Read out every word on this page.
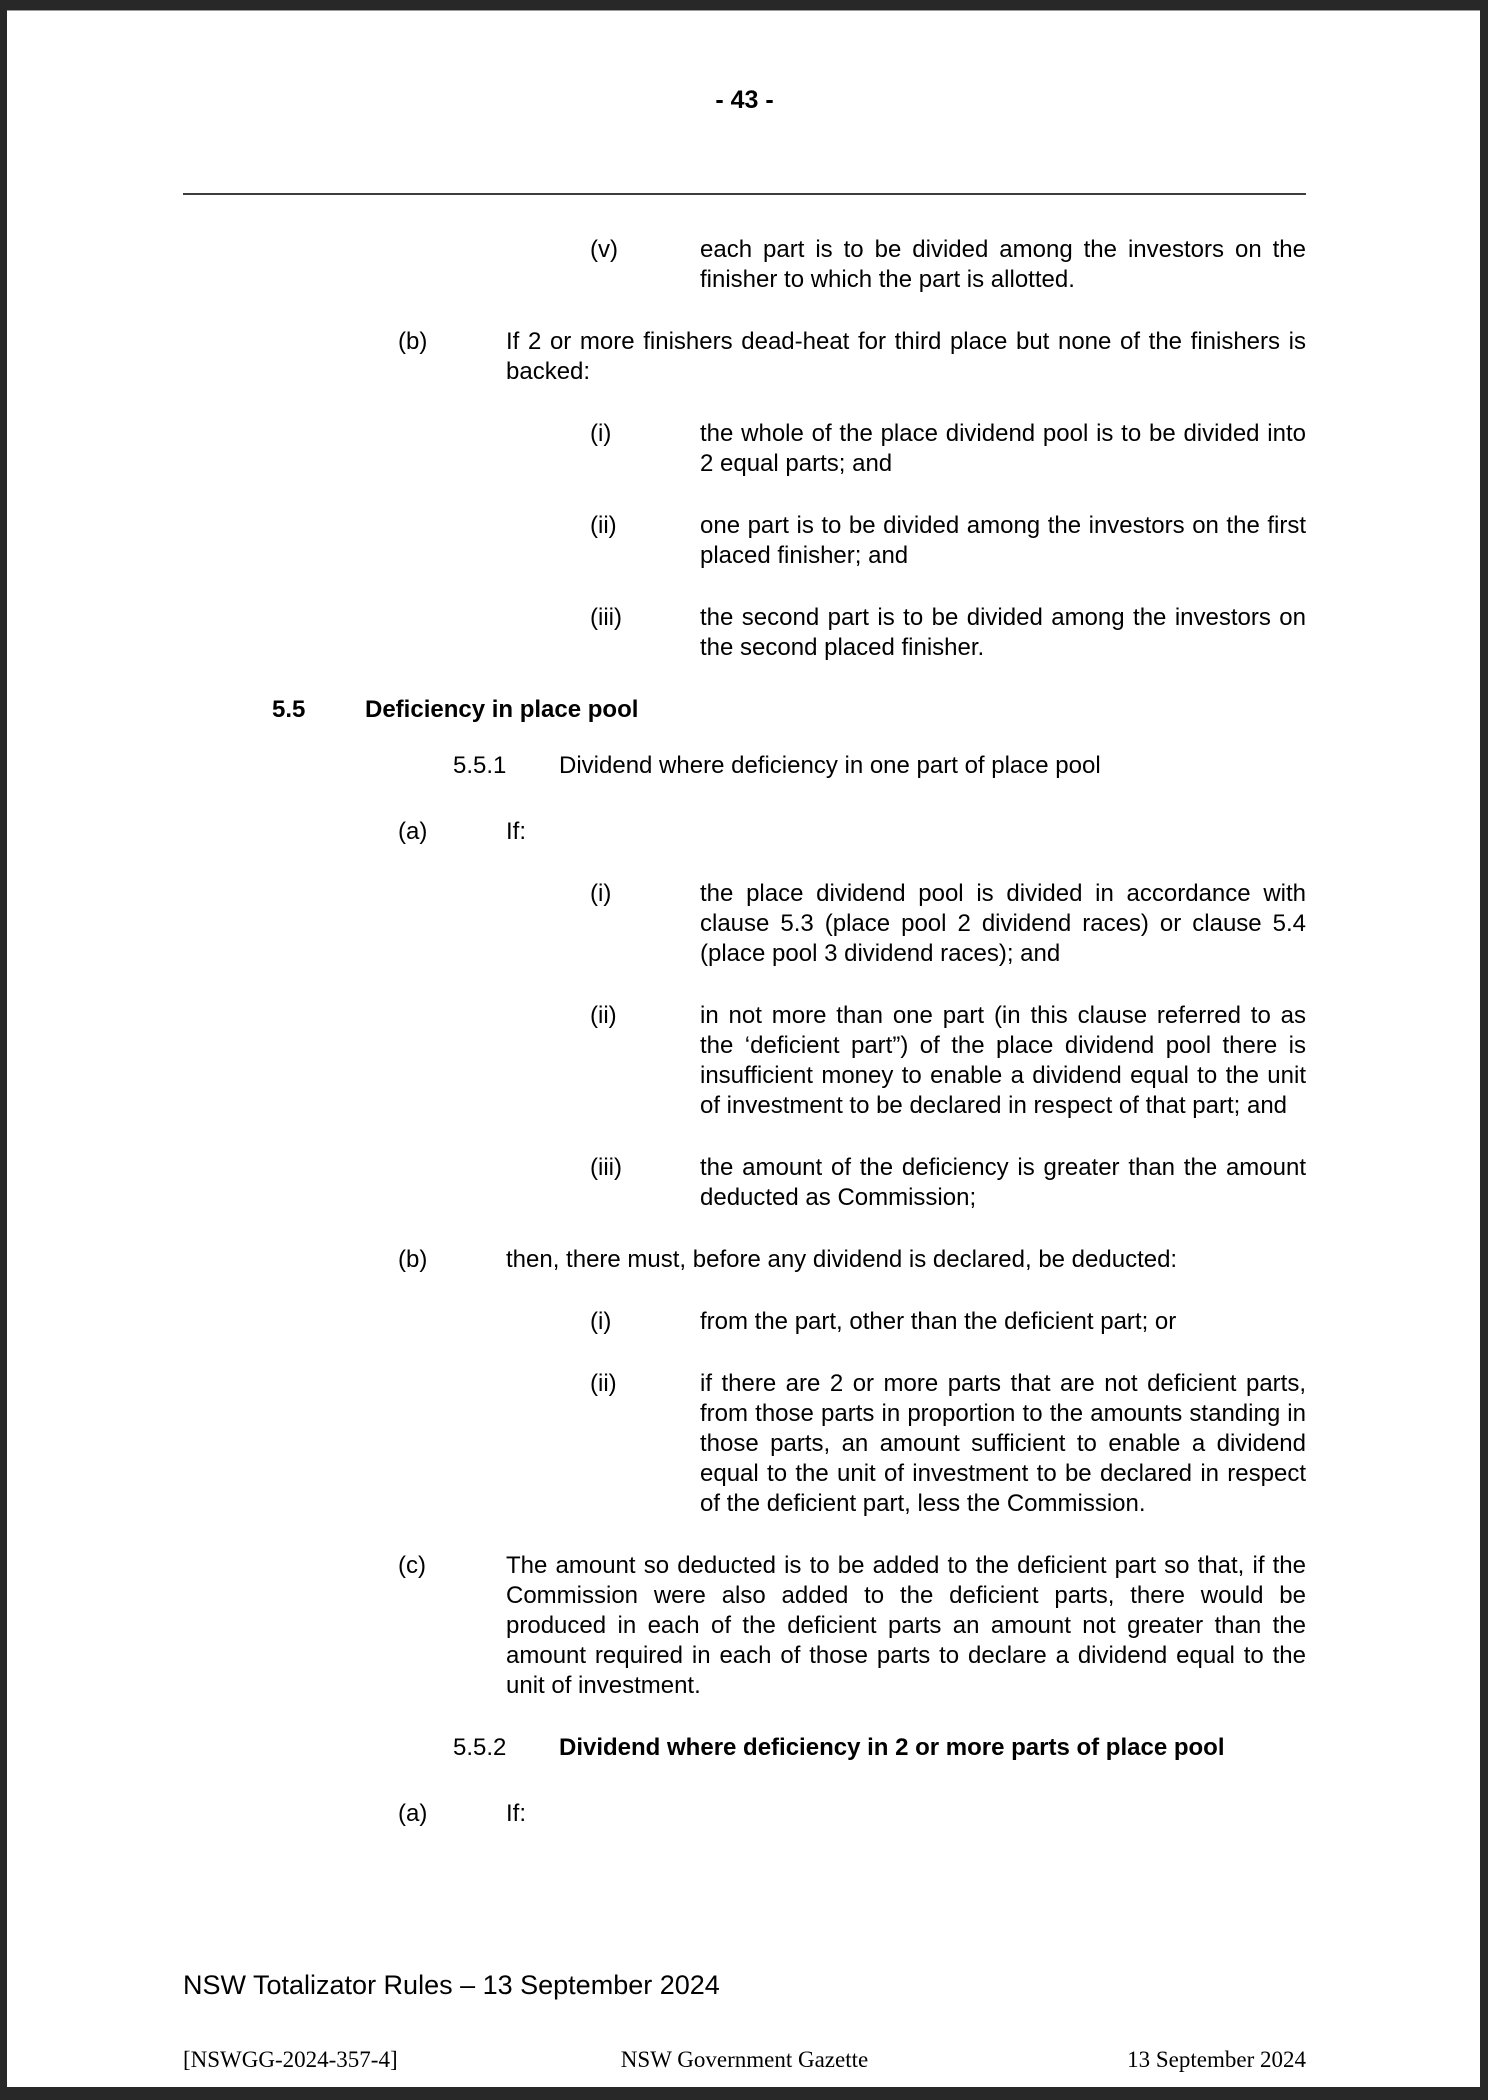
- 43 -
(v)	each part is to be divided among the investors on the finisher to which the part is allotted.
(b)	If 2 or more finishers dead-heat for third place but none of the finishers is backed:
(i)	the whole of the place dividend pool is to be divided into 2 equal parts; and
(ii)	one part is to be divided among the investors on the first placed finisher; and
(iii)	the second part is to be divided among the investors on the second placed finisher.
5.5 Deficiency in place pool
5.5.1 Dividend where deficiency in one part of place pool
(a)	If:
(i)	the place dividend pool is divided in accordance with clause 5.3 (place pool 2 dividend races) or clause 5.4 (place pool 3 dividend races); and
(ii)	in not more than one part (in this clause referred to as the ‘deficient part”) of the place dividend pool there is insufficient money to enable a dividend equal to the unit of investment to be declared in respect of that part; and
(iii)	the amount of the deficiency is greater than the amount deducted as Commission;
(b)	then, there must, before any dividend is declared, be deducted:
(i)	from the part, other than the deficient part; or
(ii)	if there are 2 or more parts that are not deficient parts, from those parts in proportion to the amounts standing in those parts, an amount sufficient to enable a dividend equal to the unit of investment to be declared in respect of the deficient part, less the Commission.
(c)	The amount so deducted is to be added to the deficient part so that, if the Commission were also added to the deficient parts, there would be produced in each of the deficient parts an amount not greater than the amount required in each of those parts to declare a dividend equal to the unit of investment.
5.5.2 Dividend where deficiency in 2 or more parts of place pool
(a)	If:
NSW Totalizator Rules – 13 September 2024
[NSWGG-2024-357-4]	NSW Government Gazette	13 September 2024
